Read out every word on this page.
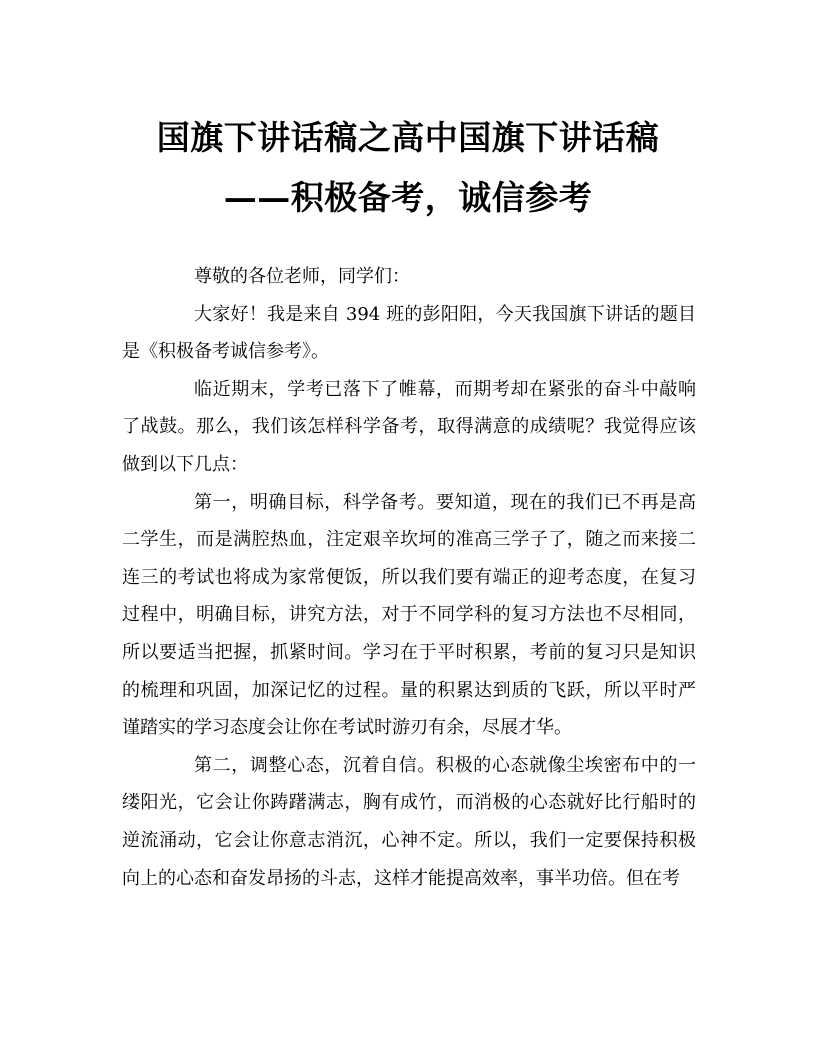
国旗下讲话稿之高中国旗下讲话稿
——积极备考，诚信参考

尊敬的各位老师，同学们：

大家好！我是来自 394 班的彭阳阳，今天我国旗下讲话的题目是《积极备考诚信参考》。

临近期末，学考已落下了帷幕，而期考却在紧张的奋斗中敲响了战鼓。那么，我们该怎样科学备考，取得满意的成绩呢？我觉得应该做到以下几点：

第一，明确目标，科学备考。要知道，现在的我们已不再是高二学生，而是满腔热血，注定艰辛坎坷的准高三学子了，随之而来接二连三的考试也将成为家常便饭，所以我们要有端正的迎考态度，在复习过程中，明确目标，讲究方法，对于不同学科的复习方法也不尽相同，所以要适当把握，抓紧时间。学习在于平时积累，考前的复习只是知识的梳理和巩固，加深记忆的过程。量的积累达到质的飞跃，所以平时严谨踏实的学习态度会让你在考试时游刃有余，尽展才华。

第二，调整心态，沉着自信。积极的心态就像尘埃密布中的一缕阳光，它会让你踌躇满志，胸有成竹，而消极的心态就好比行船时的逆流涌动，它会让你意志消沉，心神不定。所以，我们一定要保持积极向上的心态和奋发昂扬的斗志，这样才能提高效率，事半功倍。但在考
